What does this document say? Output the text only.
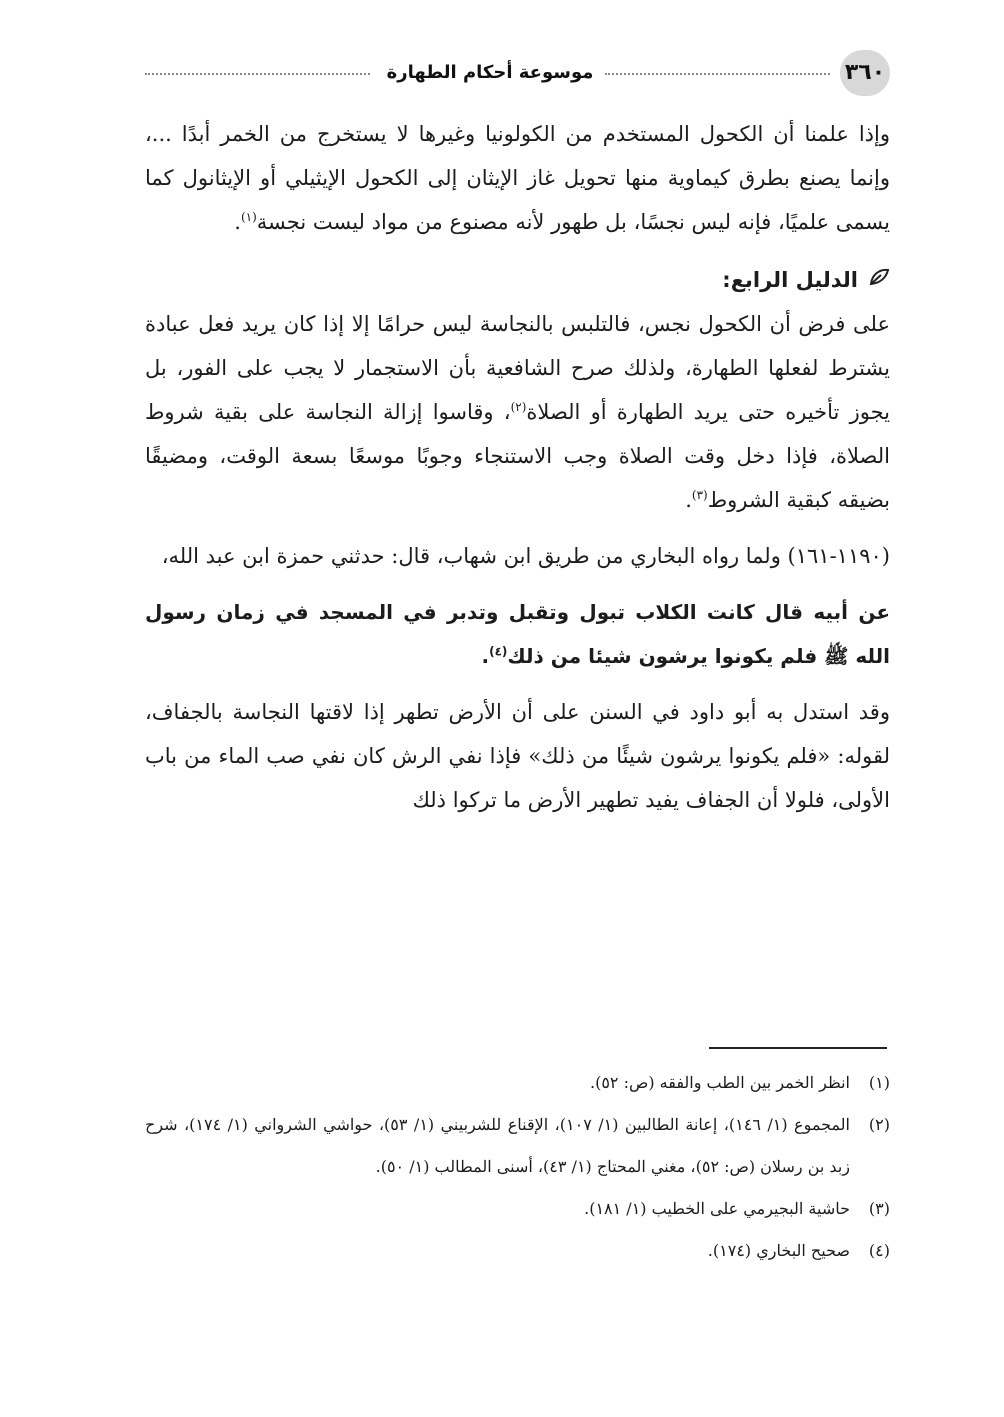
٣٦٠
موسوعة أحكام الطهارة

وإذا علمنا أن الكحول المستخدم من الكولونيا وغيرها لا يستخرج من الخمر أبدًا ...، وإنما يصنع بطرق كيماوية منها تحويل غاز الإيثان إلى الكحول الإيثيلي أو الإيثانول كما يسمى علميًا، فإنه ليس نجسًا، بل طهور لأنه مصنوع من مواد ليست نجسة$^{(١)}$.

الدليل الرابع:

على فرض أن الكحول نجس، فالتلبس بالنجاسة ليس حرامًا إلا إذا كان يريد فعل عبادة يشترط لفعلها الطهارة، ولذلك صرح الشافعية بأن الاستجمار لا يجب على الفور، بل يجوز تأخيره حتى يريد الطهارة أو الصلاة$^{(٢)}$، وقاسوا إزالة النجاسة على بقية شروط الصلاة، فإذا دخل وقت الصلاة وجب الاستنجاء وجوبًا موسعًا بسعة الوقت، ومضيقًا بضيقه كبقية الشروط$^{(٣)}$.

(١١٩٠-١٦١) ولما رواه البخاري من طريق ابن شهاب، قال: حدثني حمزة ابن عبد الله،

عن أبيه قال كانت الكلاب تبول وتقبل وتدبر في المسجد في زمان رسول الله ﷺ فلم يكونوا يرشون شيئا من ذلك$^{(٤)}$.

وقد استدل به أبو داود في السنن على أن الأرض تطهر إذا لاقتها النجاسة بالجفاف، لقوله: «فلم يكونوا يرشون شيئًا من ذلك» فإذا نفي الرش كان نفي صب الماء من باب الأولى، فلولا أن الجفاف يفيد تطهير الأرض ما تركوا ذلك

(١)
انظر الخمر بين الطب والفقه (ص: ٥٢).
(٢)
المجموع (١/ ١٤٦)، إعانة الطالبين (١/ ١٠٧)، الإقناع للشربيني (١/ ٥٣)، حواشي الشرواني (١/ ١٧٤)، شرح زبد بن رسلان (ص: ٥٢)، مغني المحتاج (١/ ٤٣)، أسنى المطالب (١/ ٥٠).
(٣)
حاشية البجيرمي على الخطيب (١/ ١٨١).
(٤)
صحيح البخاري (١٧٤).
